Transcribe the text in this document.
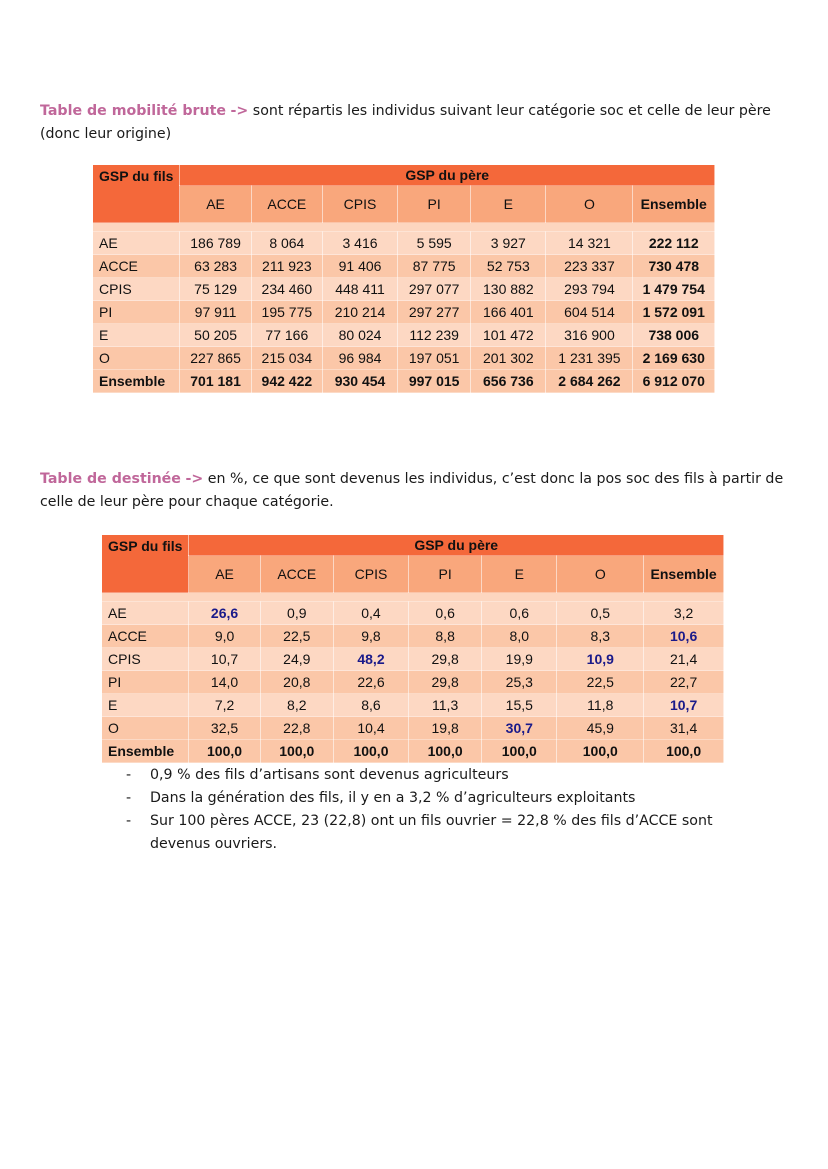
Table de mobilité brute -> sont répartis les individus suivant leur catégorie soc et celle de leur père (donc leur origine)

GSP du fils	GSP du père						
	AE	ACCE	CPIS	PI	E	O	Ensemble

AE	186 789	8 064	3 416	5 595	3 927	14 321	222 112
ACCE	63 283	211 923	91 406	87 775	52 753	223 337	730 478
CPIS	75 129	234 460	448 411	297 077	130 882	293 794	1 479 754
PI	97 911	195 775	210 214	297 277	166 401	604 514	1 572 091
E	50 205	77 166	80 024	112 239	101 472	316 900	738 006
O	227 865	215 034	96 984	197 051	201 302	1 231 395	2 169 630
Ensemble	701 181	942 422	930 454	997 015	656 736	2 684 262	6 912 070

Table de destinée -> en %, ce que sont devenus les individus, c’est donc la pos soc des fils à partir de celle de leur père pour chaque catégorie.

GSP du fils	GSP du père						
	AE	ACCE	CPIS	PI	E	O	Ensemble

AE	26,6	0,9	0,4	0,6	0,6	0,5	3,2
ACCE	9,0	22,5	9,8	8,8	8,0	8,3	10,6
CPIS	10,7	24,9	48,2	29,8	19,9	10,9	21,4
PI	14,0	20,8	22,6	29,8	25,3	22,5	22,7
E	7,2	8,2	8,6	11,3	15,5	11,8	10,7
O	32,5	22,8	10,4	19,8	30,7	45,9	31,4
Ensemble	100,0	100,0	100,0	100,0	100,0	100,0	100,0
- 0,9 % des fils d’artisans sont devenus agriculteurs
- Dans la génération des fils, il y en a 3,2 % d’agriculteurs exploitants
- Sur 100 pères ACCE, 23 (22,8) ont un fils ouvrier = 22,8 % des fils d’ACCE sont devenus ouvriers.
